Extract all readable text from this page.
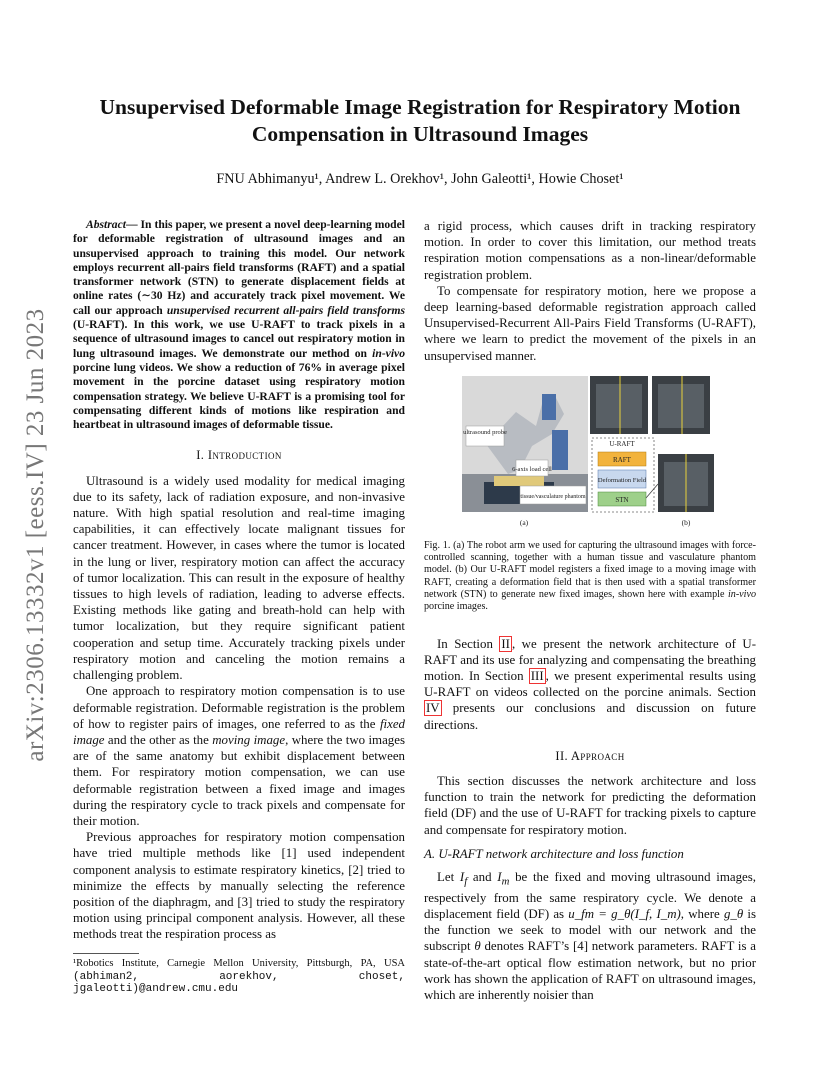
arXiv:2306.13332v1 [eess.IV] 23 Jun 2023
Unsupervised Deformable Image Registration for Respiratory Motion
Compensation in Ultrasound Images
FNU Abhimanyu¹, Andrew L. Orekhov¹, John Galeotti¹, Howie Choset¹

Abstract— In this paper, we present a novel deep-learning model for deformable registration of ultrasound images and an unsupervised approach to training this model. Our network employs recurrent all-pairs field transforms (RAFT) and a spatial transformer network (STN) to generate displacement fields at online rates (∼30 Hz) and accurately track pixel movement. We call our approach unsupervised recurrent all-pairs field transforms (U-RAFT). In this work, we use U-RAFT to track pixels in a sequence of ultrasound images to cancel out respiratory motion in lung ultrasound images. We demonstrate our method on in-vivo porcine lung videos. We show a reduction of 76% in average pixel movement in the porcine dataset using respiratory motion compensation strategy. We believe U-RAFT is a promising tool for compensating different kinds of motions like respiration and heartbeat in ultrasound images of deformable tissue.

I. Introduction

Ultrasound is a widely used modality for medical imaging due to its safety, lack of radiation exposure, and non-invasive nature. With high spatial resolution and real-time imaging capabilities, it can effectively locate malignant tissues for cancer treatment. However, in cases where the tumor is located in the lung or liver, respiratory motion can affect the accuracy of tumor localization. This can result in the exposure of healthy tissues to high levels of radiation, leading to adverse effects. Existing methods like gating and breath-hold can help with tumor localization, but they require significant patient cooperation and setup time. Accurately tracking pixels under respiratory motion and canceling the motion remains a challenging problem.

One approach to respiratory motion compensation is to use deformable registration. Deformable registration is the problem of how to register pairs of images, one referred to as the fixed image and the other as the moving image, where the two images are of the same anatomy but exhibit displacement between them. For respiratory motion compensation, we can use deformable registration between a fixed image and images during the respiratory cycle to track pixels and compensate for their motion.

Previous approaches for respiratory motion compensation have tried multiple methods like [1] used independent component analysis to estimate respiratory kinetics, [2] tried to minimize the effects by manually selecting the reference position of the diaphragm, and [3] tried to study the respiratory motion using principal component analysis. However, all these methods treat the respiration process as

¹Robotics Institute, Carnegie Mellon University, Pittsburgh, PA, USA (abhiman2, aorekhov, choset, jgaleotti)@andrew.cmu.edu

a rigid process, which causes drift in tracking respiratory motion. In order to cover this limitation, our method treats respiration motion compensations as a non-linear/deformable registration problem.

To compensate for respiratory motion, here we propose a deep learning-based deformable registration approach called Unsupervised-Recurrent All-Pairs Field Transforms (U-RAFT), where we learn to predict the movement of the pixels in an unsupervised manner.

ultrasound probe
6-axis load cell
tissue/vasculature phantom
(a)
U-RAFT
RAFT
Deformation Field
STN
(b)

Fig. 1. (a) The robot arm we used for capturing the ultrasound images with force-controlled scanning, together with a human tissue and vasculature phantom model. (b) Our U-RAFT model registers a fixed image to a moving image with RAFT, creating a deformation field that is then used with a spatial transformer network (STN) to generate new fixed images, shown here with example in-vivo porcine images.

In Section II , we present the network architecture of U-RAFT and its use for analyzing and compensating the breathing motion. In Section III , we present experimental results using U-RAFT on videos collected on the porcine animals. Section IV presents our conclusions and discussion on future directions.

II. Approach

This section discusses the network architecture and loss function to train the network for predicting the deformation field (DF) and the use of U-RAFT for tracking pixels to capture and compensate for respiratory motion.

A. U-RAFT network architecture and loss function

Let $I_f$ and $I_m$ be the fixed and moving ultrasound images, respectively from the same respiratory cycle. We denote a displacement field (DF) as u_fm = g_θ(I_f, I_m), where g_θ is the function we seek to model with our network and the subscript θ denotes RAFT’s [4] network parameters. RAFT is a state-of-the-art optical flow estimation network, but no prior work has shown the application of RAFT on ultrasound images, which are inherently noisier than
